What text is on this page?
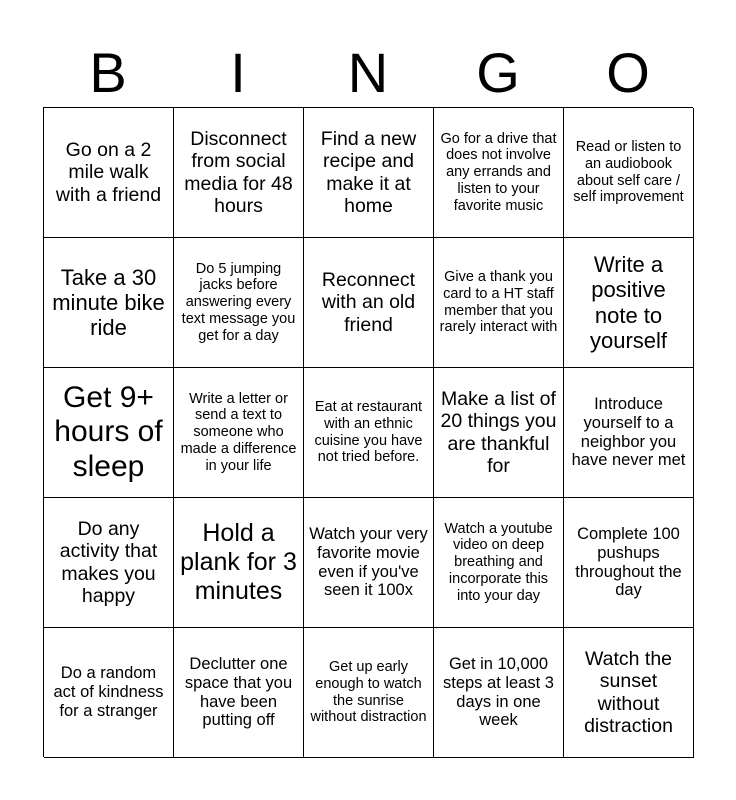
B	I	N	G	O
Go on a 2 mile walk with a friend
Disconnect from social media for 48 hours
Find a new recipe and make it at home
Go for a drive that does not involve any errands and listen to your favorite music
Read or listen to an audiobook about self care / self improvement
Take a 30 minute bike ride
Do 5 jumping jacks before answering every text message you get for a day
Reconnect with an old friend
Give a thank you card to a HT staff member that you rarely interact with
Write a positive note to yourself
Get 9+ hours of sleep
Write a letter or send a text to someone who made a difference in your life
Eat at restaurant with an ethnic cuisine you have not tried before.
Make a list of 20 things you are thankful for
Introduce yourself to a neighbor you have never met
Do any activity that makes you happy
Hold a plank for 3 minutes
Watch your very favorite movie even if you've seen it 100x
Watch a youtube video on deep breathing and incorporate this into your day
Complete 100 pushups throughout the day
Do a random act of kindness for a stranger
Declutter one space that you have been putting off
Get up early enough to watch the sunrise without distraction
Get in 10,000 steps at least 3 days in one week
Watch the sunset without distraction
